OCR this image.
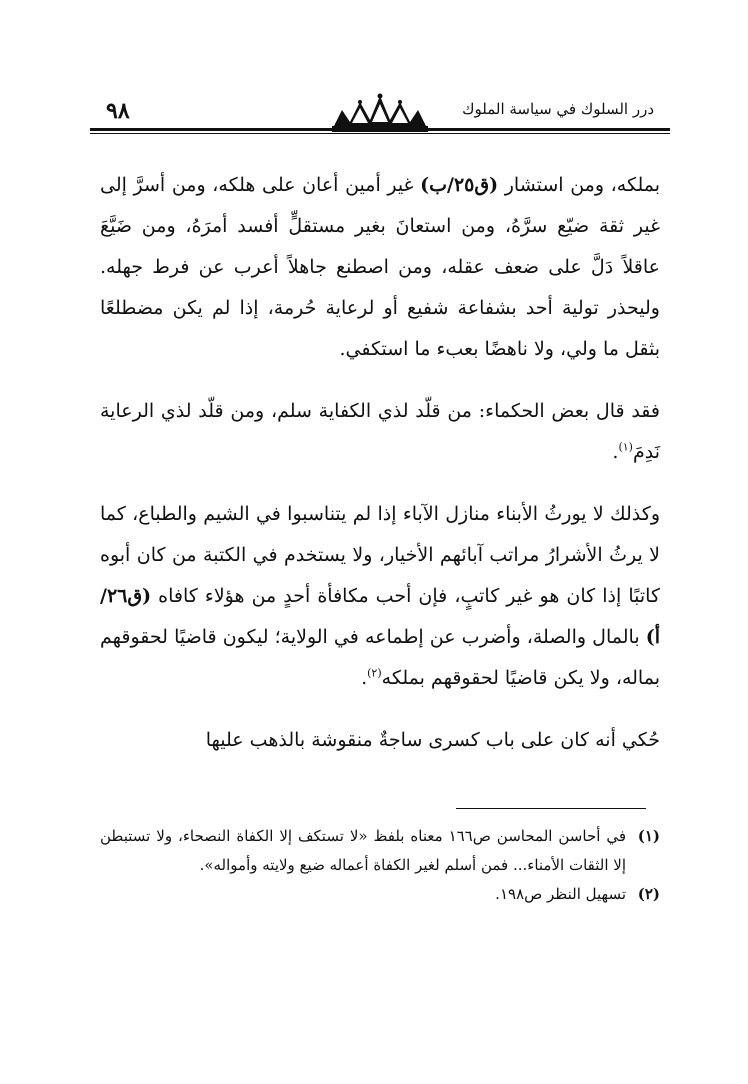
٩٨	درر السلوك في سياسة الملوك

بملكه، ومن استشار (ق٢٥/ب) غير أمين أعان على هلكه، ومن أسرَّ إلى غير ثقة ضيّع سرَّهُ، ومن استعانَ بغير مستقلٍّ أفسد أمرَهُ، ومن ضَيَّعَ عاقلاً دَلَّ على ضعف عقله، ومن اصطنع جاهلاً أعرب عن فرط جهله. وليحذر تولية أحد بشفاعة شفيع أو لرعاية حُرمة، إذا لم يكن مضطلعًا بثقل ما ولي، ولا ناهضًا بعبء ما استكفي.

فقد قال بعض الحكماء: من قلّد لذي الكفاية سلم، ومن قلّد لذي الرعاية نَدِمَ$^{(١)}$.

وكذلك لا يورثُ الأبناء منازل الآباء إذا لم يتناسبوا في الشيم والطباع، كما لا يرثُ الأشرارُ مراتب آبائهم الأخيار، ولا يستخدم في الكتبة من كان أبوه كاتبًا إذا كان هو غير كاتبٍ، فإن أحب مكافأة أحدٍ من هؤلاء كافاه (ق٢٦/أ) بالمال والصلة، وأضرب عن إطماعه في الولاية؛ ليكون قاضيًا لحقوقهم بماله، ولا يكن قاضيًا لحقوقهم بملكه$^{(٢)}$.

حُكي أنه كان على باب كسرى ساجةٌ منقوشة بالذهب عليها

(١)
في أحاسن المحاسن ص١٦٦ معناه بلفظ «لا تستكف إلا الكفاة النصحاء، ولا تستبطن إلا الثقات الأمناء... فمن أسلم لغير الكفاة أعماله ضيع ولايته وأمواله».
(٢)
تسهيل النظر ص١٩٨.
